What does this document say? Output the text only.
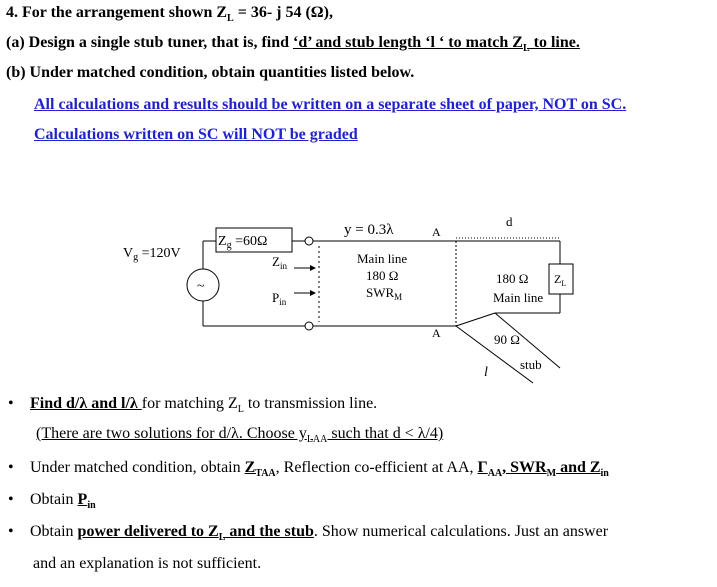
4. For the arrangement shown $Z_L = 36-$ j 54 (Ω),
(a) Design a single stub tuner, that is, find ‘d’ and stub length ‘l ‘ to match $Z_L$ to line.
(b) Under matched condition, obtain quantities listed below.
All calculations and results should be written on a separate sheet of paper, NOT on SC.
Calculations written on SC will NOT be graded
~
$V_g =120V$
$Z_g =60\Omega$
$Z_{in}$
$P_{in}$
y = 0.3λ
Main line
180 Ω
$SWR_M$
A
A
d
180 Ω $Z_L$
Main line
90 Ω
l
stub
• Find d/λ and l/λ for matching $Z_L$ to transmission line.
(There are two solutions for d/λ. Choose $y_{LAA}$ such that d < λ/4)
• Under matched condition, obtain $Z_{TAA}$, Reflection co-efficient at AA, $\Gamma_{AA}$, $SWR_M$ and $Z_{in}$
• Obtain $P_{in}$
• Obtain power delivered to $Z_L$ and the stub. Show numerical calculations. Just an answer
and an explanation is not sufficient.
